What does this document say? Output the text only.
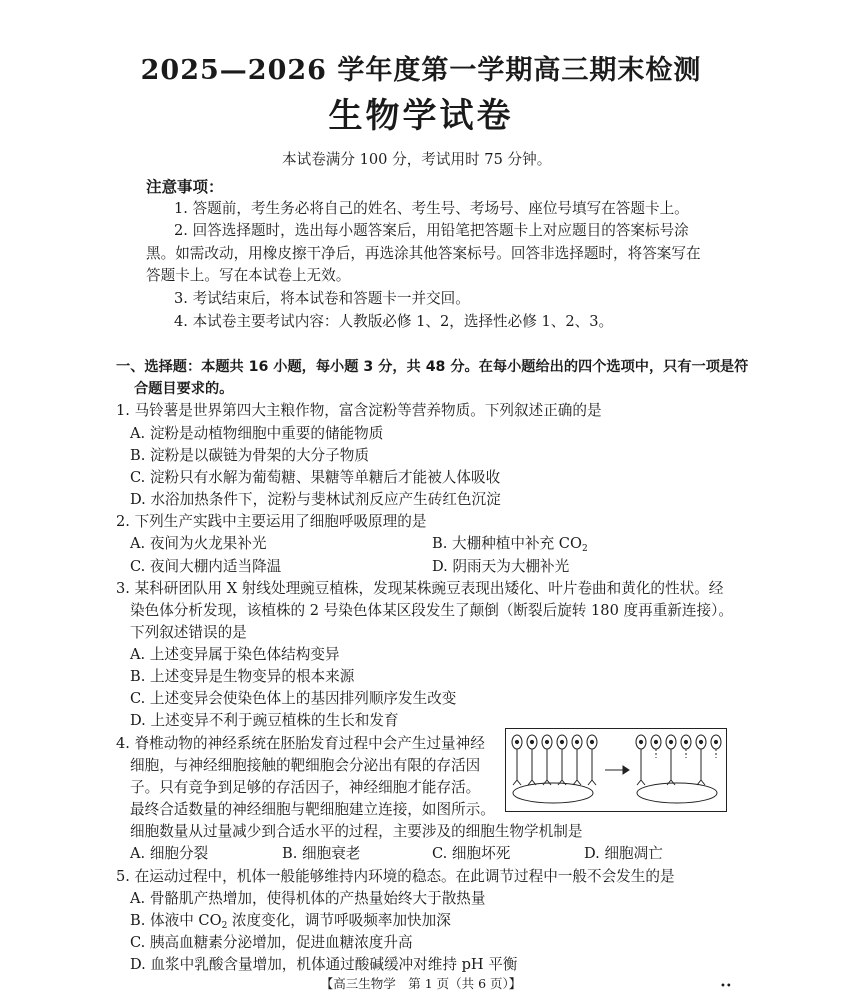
2025—2026 学年度第一学期高三期末检测
生物学试卷
本试卷满分 100 分，考试用时 75 分钟。
注意事项：
1. 答题前，考生务必将自己的姓名、考生号、考场号、座位号填写在答题卡上。
2. 回答选择题时，选出每小题答案后，用铅笔把答题卡上对应题目的答案标号涂
黑。如需改动，用橡皮擦干净后，再选涂其他答案标号。回答非选择题时，将答案写在
答题卡上。写在本试卷上无效。
3. 考试结束后，将本试卷和答题卡一并交回。
4. 本试卷主要考试内容：人教版必修 1、2，选择性必修 1、2、3。
一、选择题：本题共 16 小题，每小题 3 分，共 48 分。在每小题给出的四个选项中，只有一项是符
合题目要求的。
1. 马铃薯是世界第四大主粮作物，富含淀粉等营养物质。下列叙述正确的是
A. 淀粉是动植物细胞中重要的储能物质
B. 淀粉是以碳链为骨架的大分子物质
C. 淀粉只有水解为葡萄糖、果糖等单糖后才能被人体吸收
D. 水浴加热条件下，淀粉与斐林试剂反应产生砖红色沉淀
2. 下列生产实践中主要运用了细胞呼吸原理的是
A. 夜间为火龙果补光	B. 大棚种植中补充 $CO_2$
C. 夜间大棚内适当降温	D. 阴雨天为大棚补光
3. 某科研团队用 X 射线处理豌豆植株，发现某株豌豆表现出矮化、叶片卷曲和黄化的性状。经
染色体分析发现，该植株的 2 号染色体某区段发生了颠倒（断裂后旋转 180 度再重新连接）。
下列叙述错误的是
A. 上述变异属于染色体结构变异
B. 上述变异是生物变异的根本来源
C. 上述变异会使染色体上的基因排列顺序发生改变
D. 上述变异不利于豌豆植株的生长和发育
4. 脊椎动物的神经系统在胚胎发育过程中会产生过量神经
细胞，与神经细胞接触的靶细胞会分泌出有限的存活因
子。只有竞争到足够的存活因子，神经细胞才能存活。
最终合适数量的神经细胞与靶细胞建立连接，如图所示。
细胞数量从过量减少到合适水平的过程，主要涉及的细胞生物学机制是
A. 细胞分裂	B. 细胞衰老	C. 细胞坏死	D. 细胞凋亡
5. 在运动过程中，机体一般能够维持内环境的稳态。在此调节过程中一般不会发生的是
A. 骨骼肌产热增加，使得机体的产热量始终大于散热量
B. 体液中 $CO_2$ 浓度变化，调节呼吸频率加快加深
C. 胰高血糖素分泌增加，促进血糖浓度升高
D. 血浆中乳酸含量增加，机体通过酸碱缓冲对维持 pH 平衡
【高三生物学　第 1 页（共 6 页）】	••
